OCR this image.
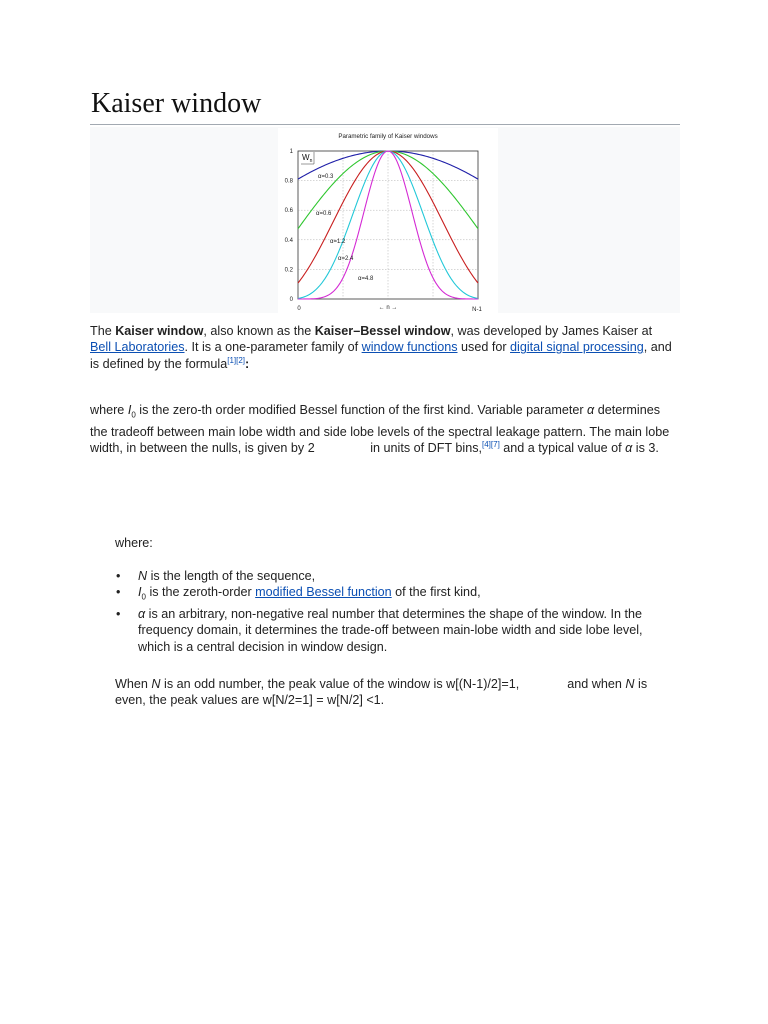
Kaiser window
Parametric family of Kaiser windows
$W_n$
1
0.8
0.6
0.4
0.2
0
0	N-1
← n →
α=0.3
α=0.6
α=1.2
α=2.4
α=4.8
The Kaiser window, also known as the Kaiser–Bessel window, was developed by James Kaiser at Bell Laboratories. It is a one-parameter family of window functions used for digital signal processing, and is defined by the formula[1][2]:
where $I_0$ is the zero-th order modified Bessel function of the first kind. Variable parameter α determines the tradeoff between main lobe width and side lobe levels of the spectral leakage pattern. The main lobe width, in between the nulls, is given by 2	in units of DFT bins,[4][7] and a typical value of α is 3.
where:
• N is the length of the sequence,
• $I_0$ is the zeroth-order modified Bessel function of the first kind,
• α is an arbitrary, non-negative real number that determines the shape of the window. In the frequency domain, it determines the trade-off between main-lobe width and side lobe level, which is a central decision in window design.
When N is an odd number, the peak value of the window is w[(N-1)/2]=1,	and when N is even, the peak values are w[N/2=1] = w[N/2] <1.
